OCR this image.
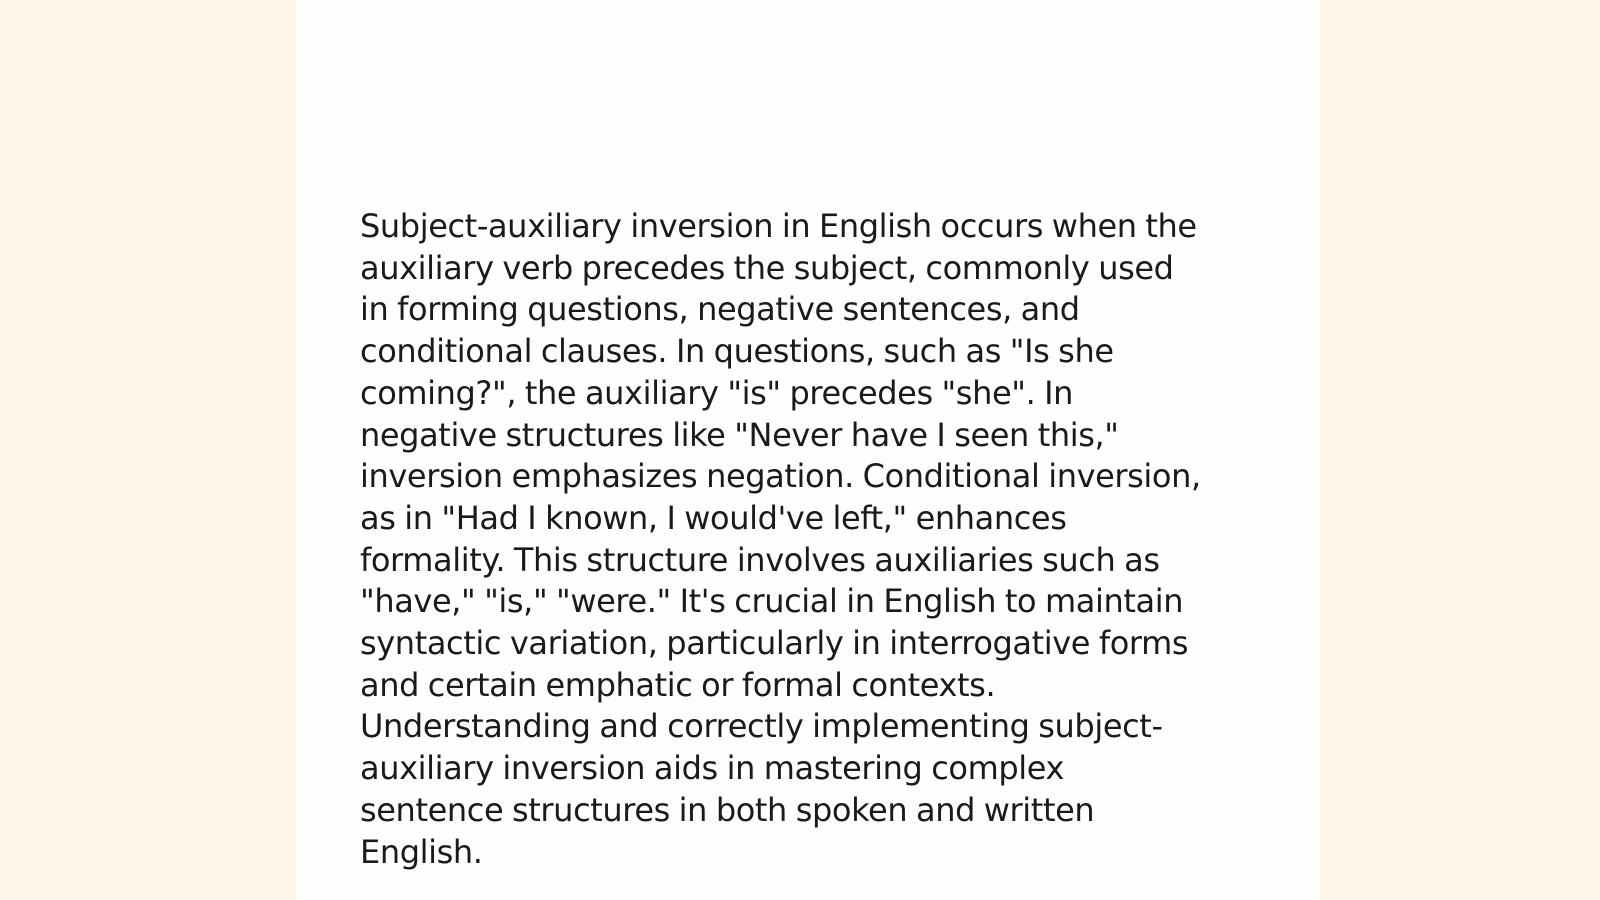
Subject-auxiliary inversion in English occurs when the
auxiliary verb precedes the subject, commonly used
in forming questions, negative sentences, and
conditional clauses. In questions, such as "Is she
coming?", the auxiliary "is" precedes "she". In
negative structures like "Never have I seen this,"
inversion emphasizes negation. Conditional inversion,
as in "Had I known, I would've left," enhances
formality. This structure involves auxiliaries such as
"have," "is," "were." It's crucial in English to maintain
syntactic variation, particularly in interrogative forms
and certain emphatic or formal contexts.
Understanding and correctly implementing subject-
auxiliary inversion aids in mastering complex
sentence structures in both spoken and written
English.
